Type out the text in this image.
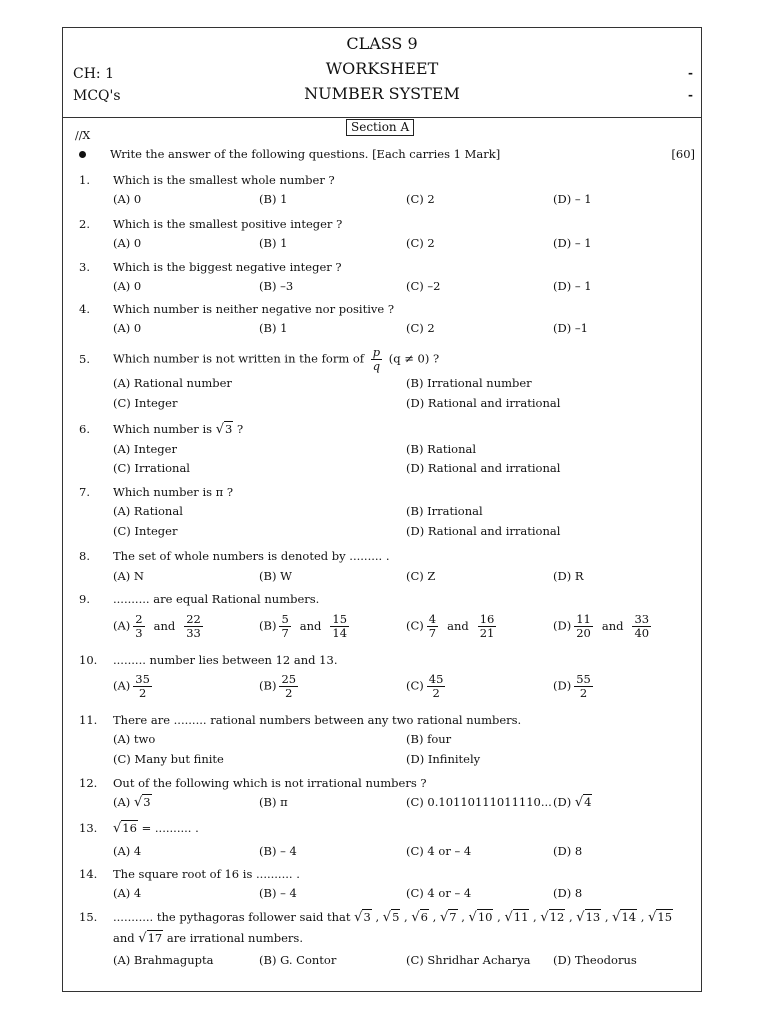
CLASS 9
WORKSHEET
NUMBER SYSTEM
CH: 1
MCQ's
-
-
Section A
//X
Write the answer of the following questions. [Each carries 1 Mark]	[60]
1. Which is the smallest whole number ?
(A) 0	(B) 1	(C) 2	(D) – 1
2. Which is the smallest positive integer ?
(A) 0	(B) 1	(C) 2	(D) – 1
3. Which is the biggest negative integer ?
(A) 0	(B) –3	(C) –2	(D) – 1
4. Which number is neither negative nor positive ?
(A) 0	(B) 1	(C) 2	(D) –1
5. Which number is not written in the form of $\frac{p}{q} (q \ne 0)$ ?
(A) Rational number	(B) Irrational number
(C) Integer	(D) Rational and irrational
6. Which number is √3 ?
(A) Integer	(B) Rational
(C) Irrational	(D) Rational and irrational
7. Which number is π ?
(A) Rational	(B) Irrational
(C) Integer	(D) Rational and irrational
8. The set of whole numbers is denoted by ......... .
(A) N	(B) W	(C) Z	(D) R
9. .......... are equal Rational numbers.
$(A) \frac{2}{3}$ and $\frac{22}{33}$	$(B) \frac{5}{7}$ and $\frac{15}{14}$	$(C) \frac{4}{7}$ and $\frac{16}{21}$	$(D) \frac{11}{20}$ and $\frac{33}{40}$
10. ......... number lies between 12 and 13.
$(A) \frac{35}{2}$	$(B) \frac{25}{2}$	$(C) \frac{45}{2}$	$(D) \frac{55}{2}$
11. There are ......... rational numbers between any two rational numbers.
(A) two	(B) four
(C) Many but finite	(D) Infinitely
12. Out of the following which is not irrational numbers ?
(A) √3	(B) π	(C) 0.10110111011110... (D) √4
13. √16 = .......... .
(A) 4	(B) – 4	(C) 4 or – 4	(D) 8
14. The square root of 16 is .......... .
(A) 4	(B) – 4	(C) 4 or – 4	(D) 8
15. ........... the pythagoras follower said that √3 , √5 , √6 , √7 , √10 , √11 , √12 , √13 , √14 , √15
and √17 are irrational numbers.
(A) Brahmagupta	(B) G. Contor	(C) Shridhar Acharya (D) Theodorus
